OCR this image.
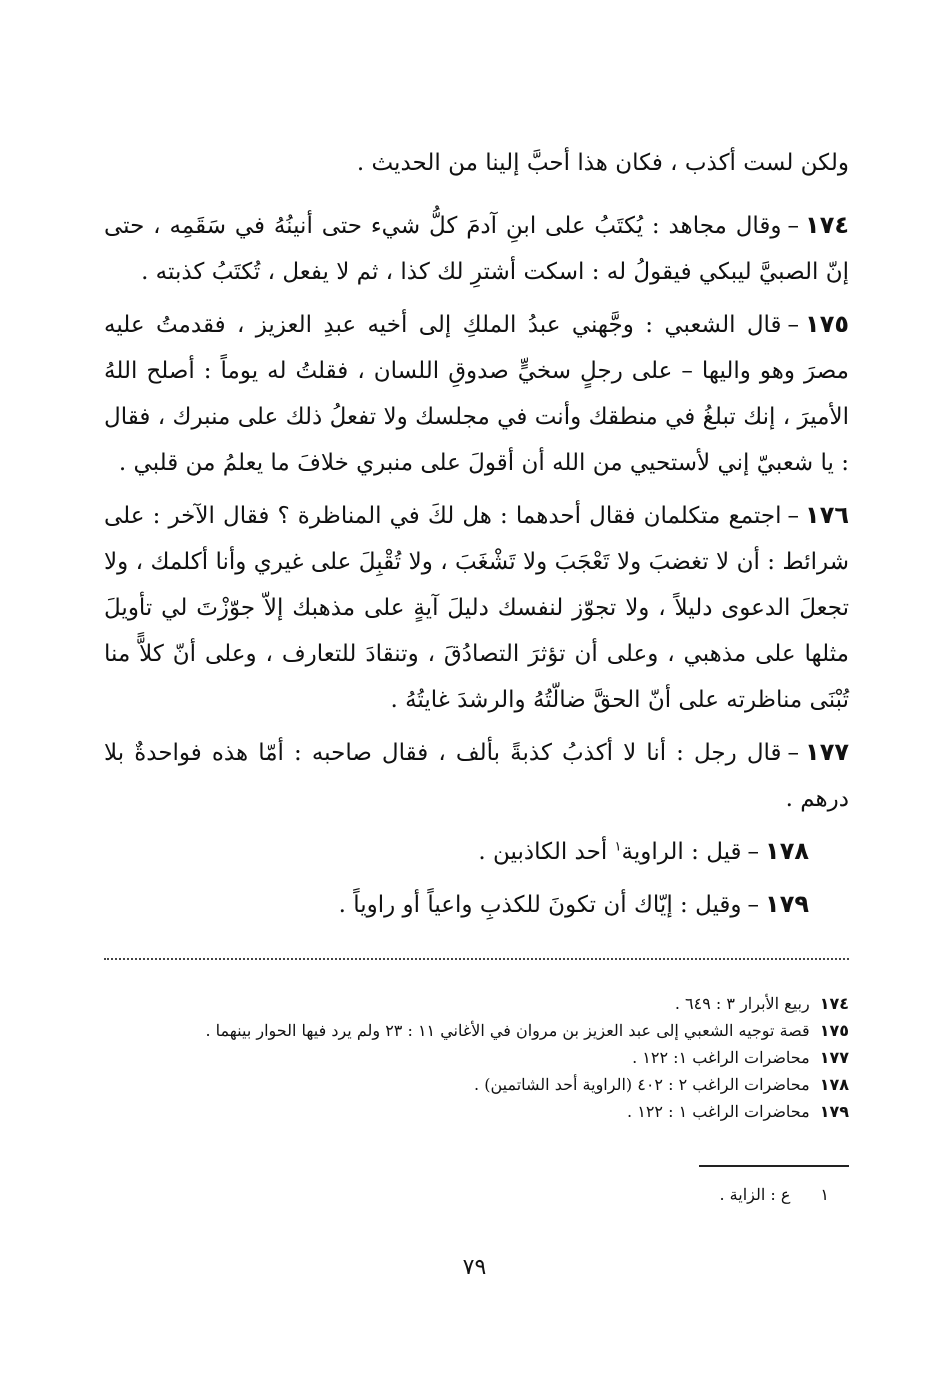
ولكن لست أكذب ، فكان هذا أحبَّ إلينا من الحديث .

١٧٤–وقال مجاهد : يُكتَبُ على ابنِ آدمَ كلُّ شيء حتى أنينُهُ في سَقَمِه ، حتى إنّ الصبيَّ ليبكي فيقولُ له : اسكت أشترِ لك كذا ، ثم لا يفعل ، تُكتَبُ كذبته .

١٧٥–قال الشعبي : وجَّهني عبدُ الملكِ إلى أخيه عبدِ العزيز ، فقدمتُ عليه مصرَ وهو واليها – على رجلٍ سخيٍّ صدوقِ اللسان ، فقلتُ له يوماً : أصلح اللهُ الأميرَ ، إنك تبلغُ في منطقك وأنت في مجلسك ولا تفعلُ ذلك على منبرك ، فقال : يا شعبيّ إني لأستحيي من الله أن أقولَ على منبري خلافَ ما يعلمُ من قلبي .

١٧٦–اجتمع متكلمان فقال أحدهما : هل لكَ في المناظرة ؟ فقال الآخر : على شرائط : أن لا تغضبَ ولا تَعْجَبَ ولا تَشْغَبَ ، ولا تُقْبِلَ على غيري وأنا أكلمك ، ولا تجعلَ الدعوى دليلاً ، ولا تجوّز لنفسك دليلَ آيةٍ على مذهبك إلاّ جوّزْتَ لي تأويلَ مثلها على مذهبي ، وعلى أن تؤثرَ التصادُقَ ، وتنقادَ للتعارف ، وعلى أنّ كلاًّ منا تُبْنَى مناظرته على أنّ الحقَّ ضالّتُهُ والرشدَ غايتُهُ .

١٧٧–قال رجل : أنا لا أكذبُ كذبةً بألف ، فقال صاحبه : أمّا هذه فواحدةٌ بلا درهم .

١٧٨–قيل : الراوية$^١$ أحد الكاذبين .

١٧٩–وقيل : إيّاك أن تكونَ للكذبِ واعياً أو راوياً .

١٧٤ربيع الأبرار ٣ : ٦٤٩ .
١٧٥قصة توجيه الشعبي إلى عبد العزيز بن مروان في الأغاني ١١ : ٢٣ ولم يرد فيها الحوار بينهما .
١٧٧محاضرات الراغب ١: ١٢٢ .
١٧٨محاضرات الراغب ٢ : ٤٠٢ (الراوية أحد الشاتمين) .
١٧٩محاضرات الراغب ١ : ١٢٢ .
١ع : الزاية .
٧٩
